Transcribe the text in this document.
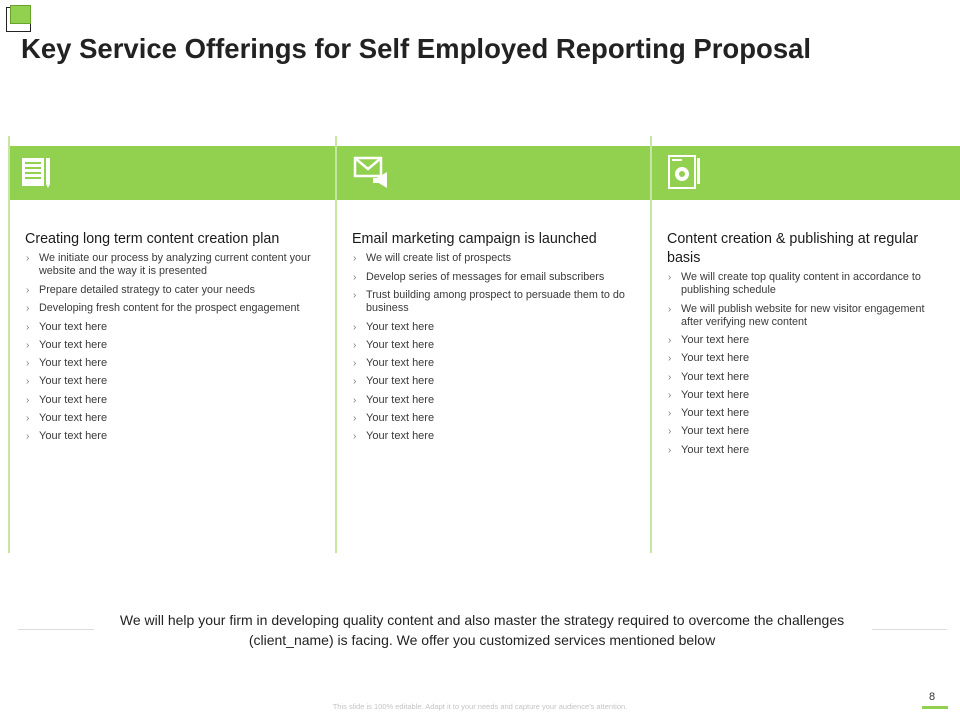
Key Service Offerings for Self Employed Reporting Proposal

Creating long term content creation plan

› We initiate our process by analyzing current content your website and the way it is presented
› Prepare detailed strategy to cater your needs
› Developing fresh content for the prospect engagement
› Your text here
› Your text here
› Your text here
› Your text here
› Your text here
› Your text here
› Your text here

Email marketing campaign is launched

› We will create list of prospects
› Develop series of messages for email subscribers
› Trust building among prospect to persuade them to do business
› Your text here
› Your text here
› Your text here
› Your text here
› Your text here
› Your text here
› Your text here

Content creation & publishing at regular basis

› We will create top quality content in accordance to publishing schedule
› We will publish website for new visitor engagement after verifying new content
› Your text here
› Your text here
› Your text here
› Your text here
› Your text here
› Your text here
› Your text here
We will help your firm in developing quality content and also master the strategy required to overcome the challenges (client_name) is facing. We offer you customized services mentioned below
This slide is 100% editable. Adapt it to your needs and capture your audience's attention.
8
